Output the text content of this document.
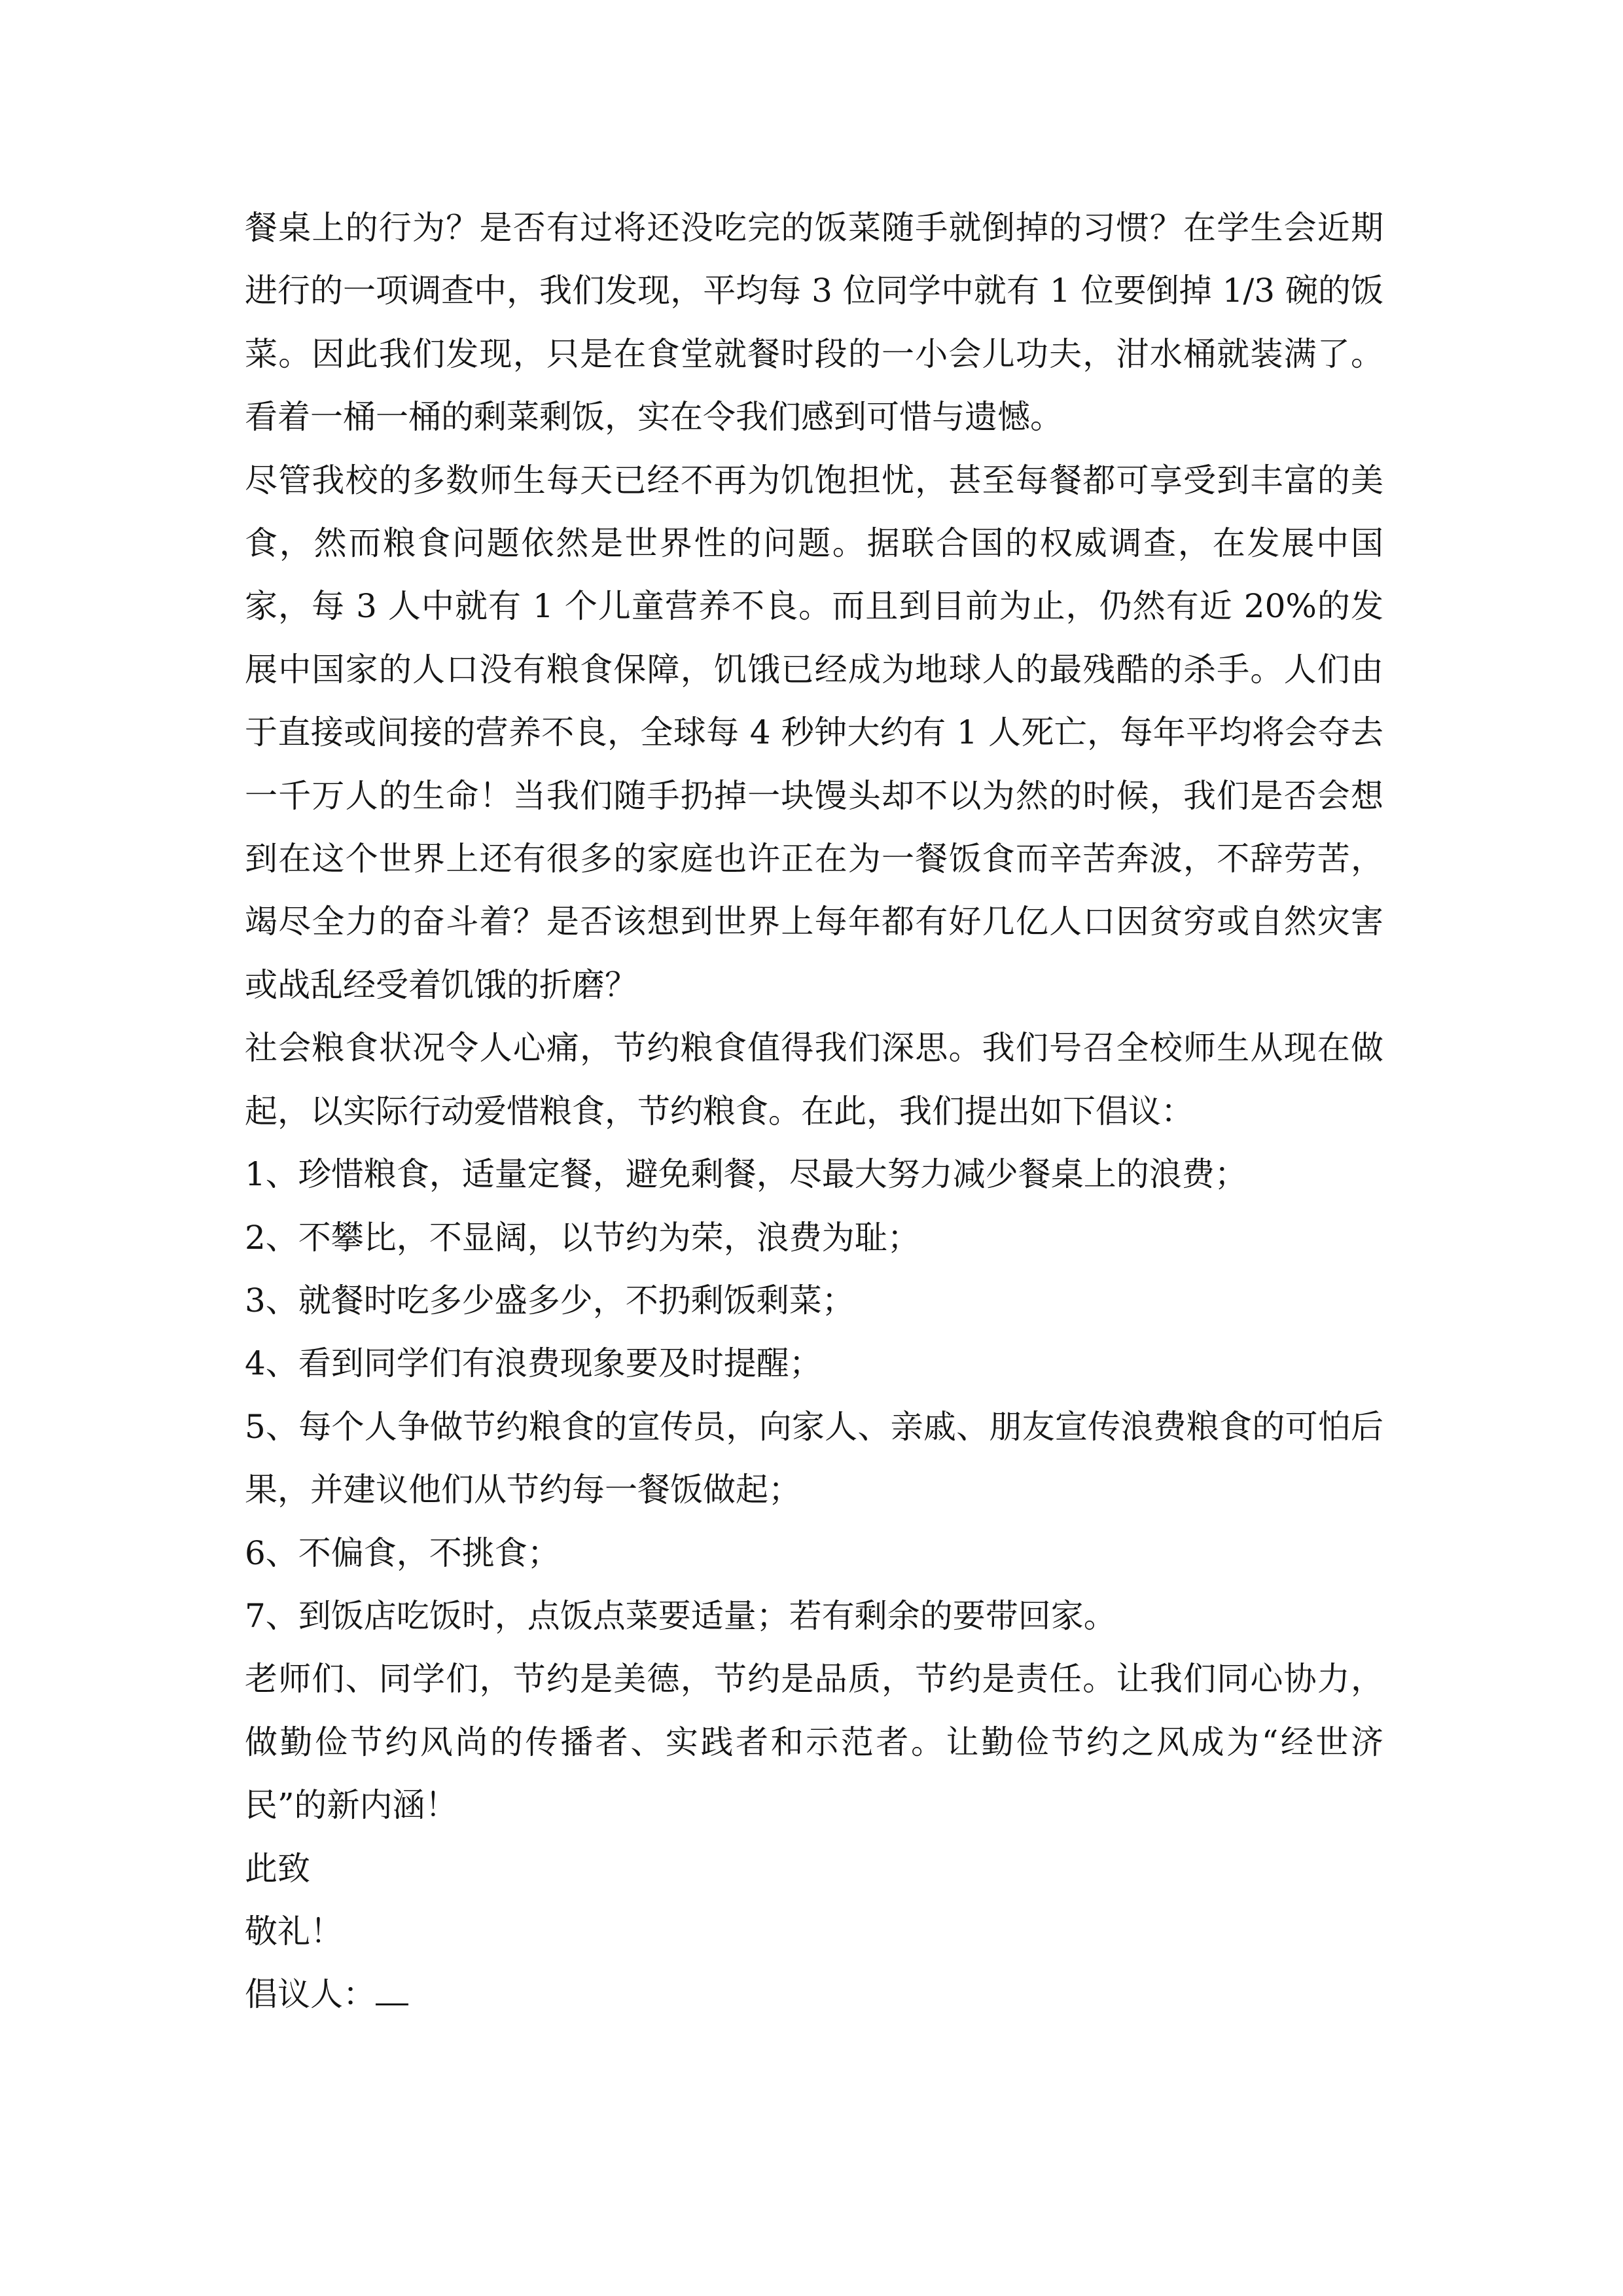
餐桌上的行为？是否有过将还没吃完的饭菜随手就倒掉的习惯？在学生会近期进行的一项调查中，我们发现，平均每 3 位同学中就有 1 位要倒掉 1/3 碗的饭菜。因此我们发现，只是在食堂就餐时段的一小会儿功夫，泔水桶就装满了。看着一桶一桶的剩菜剩饭，实在令我们感到可惜与遗憾。

尽管我校的多数师生每天已经不再为饥饱担忧，甚至每餐都可享受到丰富的美食，然而粮食问题依然是世界性的问题。据联合国的权威调查，在发展中国家，每 3 人中就有 1 个儿童营养不良。而且到目前为止，仍然有近 20%的发展中国家的人口没有粮食保障，饥饿已经成为地球人的最残酷的杀手。人们由于直接或间接的营养不良，全球每 4 秒钟大约有 1 人死亡，每年平均将会夺去一千万人的生命！当我们随手扔掉一块馒头却不以为然的时候，我们是否会想到在这个世界上还有很多的家庭也许正在为一餐饭食而辛苦奔波，不辞劳苦，竭尽全力的奋斗着？是否该想到世界上每年都有好几亿人口因贫穷或自然灾害或战乱经受着饥饿的折磨？

社会粮食状况令人心痛，节约粮食值得我们深思。我们号召全校师生从现在做起，以实际行动爱惜粮食，节约粮食。在此，我们提出如下倡议：

1、珍惜粮食，适量定餐，避免剩餐，尽最大努力减少餐桌上的浪费；

2、不攀比，不显阔，以节约为荣，浪费为耻；

3、就餐时吃多少盛多少，不扔剩饭剩菜；

4、看到同学们有浪费现象要及时提醒；

5、每个人争做节约粮食的宣传员，向家人、亲戚、朋友宣传浪费粮食的可怕后果，并建议他们从节约每一餐饭做起；

6、不偏食，不挑食；

7、到饭店吃饭时，点饭点菜要适量；若有剩余的要带回家。

老师们、同学们，节约是美德，节约是品质，节约是责任。让我们同心协力，做勤俭节约风尚的传播者、实践者和示范者。让勤俭节约之风成为“经世济民”的新内涵！

此致

敬礼！

倡议人：
